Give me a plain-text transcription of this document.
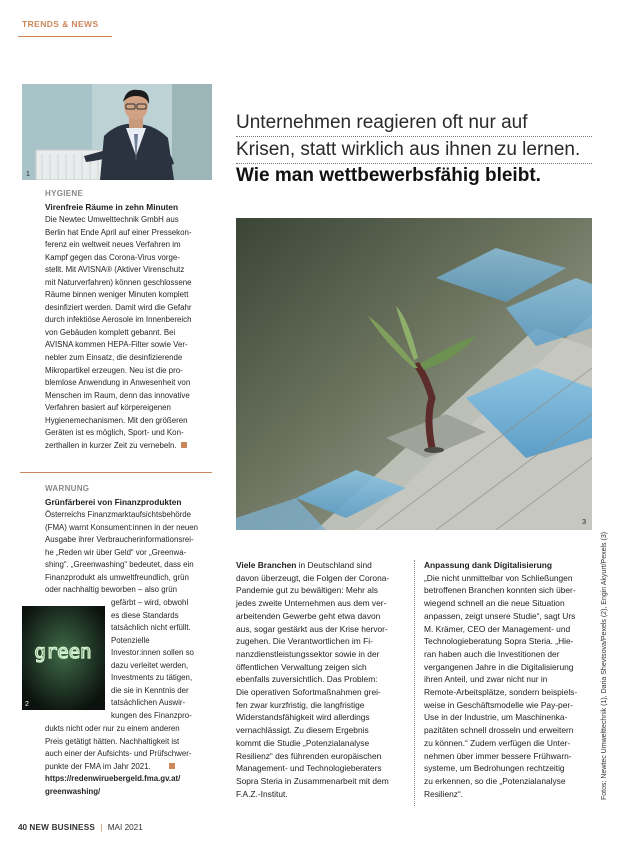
TRENDS & NEWS
1
HYGIENE
Virenfreie Räume in zehn Minuten

Die Newtec Umwelttechnik GmbH aus

Berlin hat Ende April auf einer Pressekon-

ferenz ein weltweit neues Verfahren im

Kampf gegen das Corona-Virus vorge-

stellt. Mit AVISNA® (Aktiver Virenschutz

mit Naturverfahren) können geschlossene

Räume binnen weniger Minuten komplett

desinfiziert werden. Damit wird die Gefahr

durch infektiöse Aerosole im Innenbereich

von Gebäuden komplett gebannt. Bei

AVISNA kommen HEPA-Filter sowie Ver-

nebler zum Einsatz, die desinfizierende

Mikropartikel erzeugen. Neu ist die pro-

blemlose Anwendung in Anwesenheit von

Menschen im Raum, denn das innovative

Verfahren basiert auf körpereigenen

Hygienemechanismen. Mit den größeren

Geräten ist es möglich, Sport- und Kon-

zerthallen in kurzer Zeit zu vernebeln.

WARNUNG
Grünfärberei von Finanzprodukten

Österreichs Finanzmarktaufsichtsbehörde

(FMA) warnt Konsument:innen in der neuen

Ausgabe ihrer Verbraucherinformationsrei-

he „Reden wir über Geld“ vor „Greenwa-

shing“. „Greenwashing“ bedeutet, dass ein

Finanzprodukt als umweltfreundlich, grün

oder nachhaltig beworben – also grün

green
2

gefärbt – wird, obwohl

es diese Standards

tatsächlich nicht erfüllt.

Potenzielle

Investor:innen sollen so

dazu verleitet werden,

Investments zu tätigen,

die sie in Kenntnis der

tatsächlichen Auswir-

kungen des Finanzpro-

dukts nicht oder nur zu einem anderen

Preis getätigt hätten. Nachhaltigkeit ist

auch einer der Aufsichts- und Prüfschwer-

punkte der FMA im Jahr 2021.

https://redenwiruebergeld.fma.gv.at/

greenwashing/

Unternehmen reagieren oft nur auf
Krisen, statt wirklich aus ihnen zu lernen.
Wie man wettbewerbsfähig bleibt.
3

Viele Branchen in Deutschland sind

davon überzeugt, die Folgen der Corona-

Pandemie gut zu bewältigen: Mehr als

jedes zweite Unternehmen aus dem ver-

arbeitenden Gewerbe geht etwa davon

aus, sogar gestärkt aus der Krise hervor-

zugehen. Die Verantwortlichen im Fi-

nanzdienstleistungssektor sowie in der

öffentlichen Verwaltung zeigen sich

ebenfalls zuversichtlich. Das Problem:

Die operativen Sofortmaßnahmen grei-

fen zwar kurzfristig, die langfristige

Widerstandsfähigkeit wird allerdings

vernachlässigt. Zu diesem Ergebnis

kommt die Studie „Potenzialanalyse

Resilienz“ des führenden europäischen

Management- und Technologieberaters

Sopra Steria in Zusammenarbeit mit dem

F.A.Z.-Institut.

Anpassung dank Digitalisierung

„Die nicht unmittelbar von Schließungen

betroffenen Branchen konnten sich über-

wiegend schnell an die neue Situation

anpassen, zeigt unsere Studie“, sagt Urs

M. Krämer, CEO der Management- und

Technologieberatung Sopra Steria. „Hie-

ran haben auch die Investitionen der

vergangenen Jahre in die Digitalisierung

ihren Anteil, und zwar nicht nur in

Remote-Arbeitsplätze, sondern beispiels-

weise in Geschäftsmodelle wie Pay-per-

Use in der Industrie, um Maschinenka-

pazitäten schnell drosseln und erweitern

zu können.“ Zudem verfügen die Unter-

nehmen über immer bessere Frühwarn-

systeme, um Bedrohungen rechtzeitig

zu erkennen, so die „Potenzialanalyse

Resilienz“.	Fotos: Newtec Umwelttechnik (1), Daria Shevtsova/Pexels (2), Engin Akyurt/Pexels (3)
40 NEW BUSINESS | MAI 2021
